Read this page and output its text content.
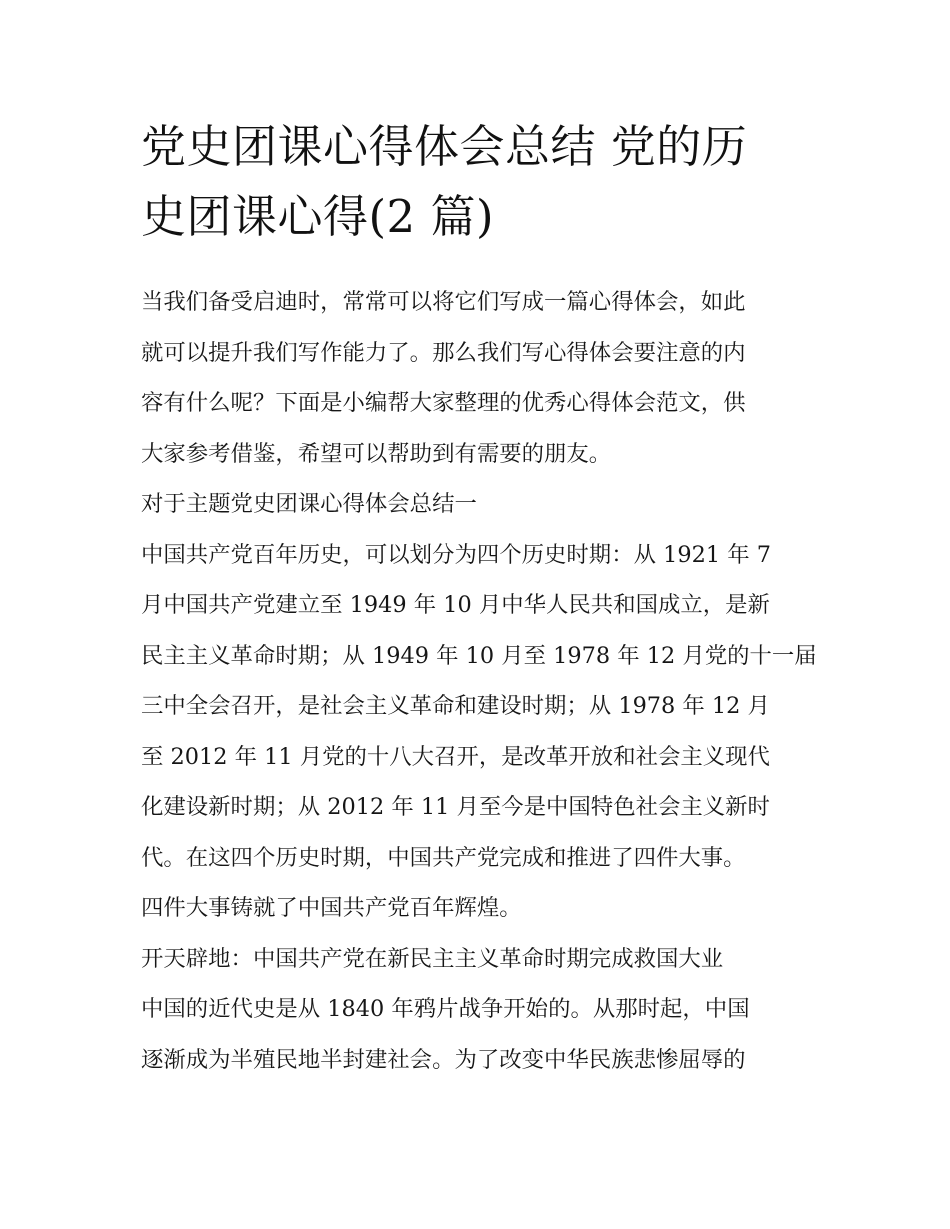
党史团课心得体会总结 党的历
史团课心得(2 篇)
当我们备受启迪时，常常可以将它们写成一篇心得体会，如此
就可以提升我们写作能力了。那么我们写心得体会要注意的内
容有什么呢？下面是小编帮大家整理的优秀心得体会范文，供
大家参考借鉴，希望可以帮助到有需要的朋友。
对于主题党史团课心得体会总结一
中国共产党百年历史，可以划分为四个历史时期：从 1921 年 7
月中国共产党建立至 1949 年 10 月中华人民共和国成立，是新
民主主义革命时期；从 1949 年 10 月至 1978 年 12 月党的十一届
三中全会召开，是社会主义革命和建设时期；从 1978 年 12 月
至 2012 年 11 月党的十八大召开，是改革开放和社会主义现代
化建设新时期；从 2012 年 11 月至今是中国特色社会主义新时
代。在这四个历史时期，中国共产党完成和推进了四件大事。
四件大事铸就了中国共产党百年辉煌。
开天辟地：中国共产党在新民主主义革命时期完成救国大业
中国的近代史是从 1840 年鸦片战争开始的。从那时起，中国
逐渐成为半殖民地半封建社会。为了改变中华民族悲惨屈辱的
